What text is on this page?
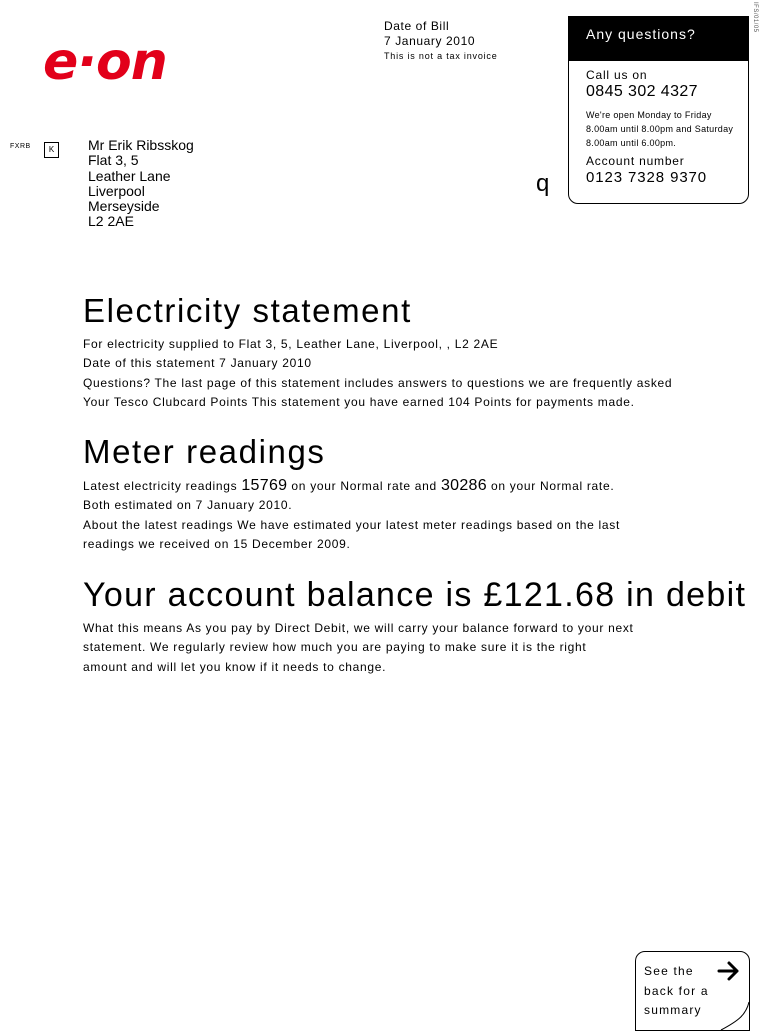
e·on
Date of Bill
7 January 2010
This is not a tax invoice
IFS/01/05
Any questions?
Call us on
0845 302 4327
We're open Monday to Friday
8.00am until 8.00pm and Saturday
8.00am until 6.00pm.
Account number
0123 7328 9370
FXRB	K	Mr Erik Ribsskog
Flat 3, 5
Leather Lane
Liverpool
Merseyside
L2 2AE
q
Electricity statement
For electricity supplied to Flat 3, 5, Leather Lane, Liverpool, , L2 2AE
Date of this statement 7 January 2010
Questions? The last page of this statement includes answers to questions we are frequently asked
Your Tesco Clubcard Points This statement you have earned 104 Points for payments made.
Meter readings
Latest electricity readings 15769 on your Normal rate and 30286 on your Normal rate.
Both estimated on 7 January 2010.
About the latest readings We have estimated your latest meter readings based on the last
readings we received on 15 December 2009.
Your account balance is £121.68 in debit
What this means As you pay by Direct Debit, we will carry your balance forward to your next
statement. We regularly review how much you are paying to make sure it is the right
amount and will let you know if it needs to change.
See the
back for a
summary
